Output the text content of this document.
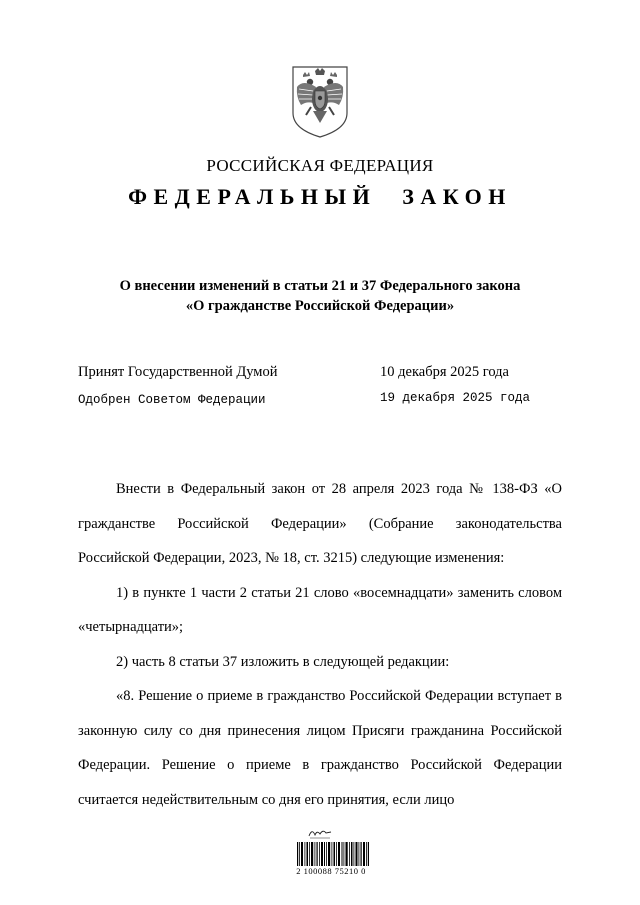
РОССИЙСКАЯ ФЕДЕРАЦИЯ
ФЕДЕРАЛЬНЫЙ ЗАКОН
О внесении изменений в статьи 21 и 37 Федерального закона
«О гражданстве Российской Федерации»
Принят Государственной Думой	10 декабря 2025 года
Одобрен Советом Федерации	19 декабря 2025 года

Внести в Федеральный закон от 28 апреля 2023 года № 138-ФЗ «О гражданстве Российской Федерации» (Собрание законодательства Российской Федерации, 2023, № 18, ст. 3215) следующие изменения:

1) в пункте 1 части 2 статьи 21 слово «восемнадцати» заменить словом «четырнадцати»;

2) часть 8 статьи 37 изложить в следующей редакции:

«8. Решение о приеме в гражданство Российской Федерации вступает в законную силу со дня принесения лицом Присяги гражданина Российской Федерации. Решение о приеме в гражданство Российской Федерации считается недействительным со дня его принятия, если лицо

2 100088 75210 0
